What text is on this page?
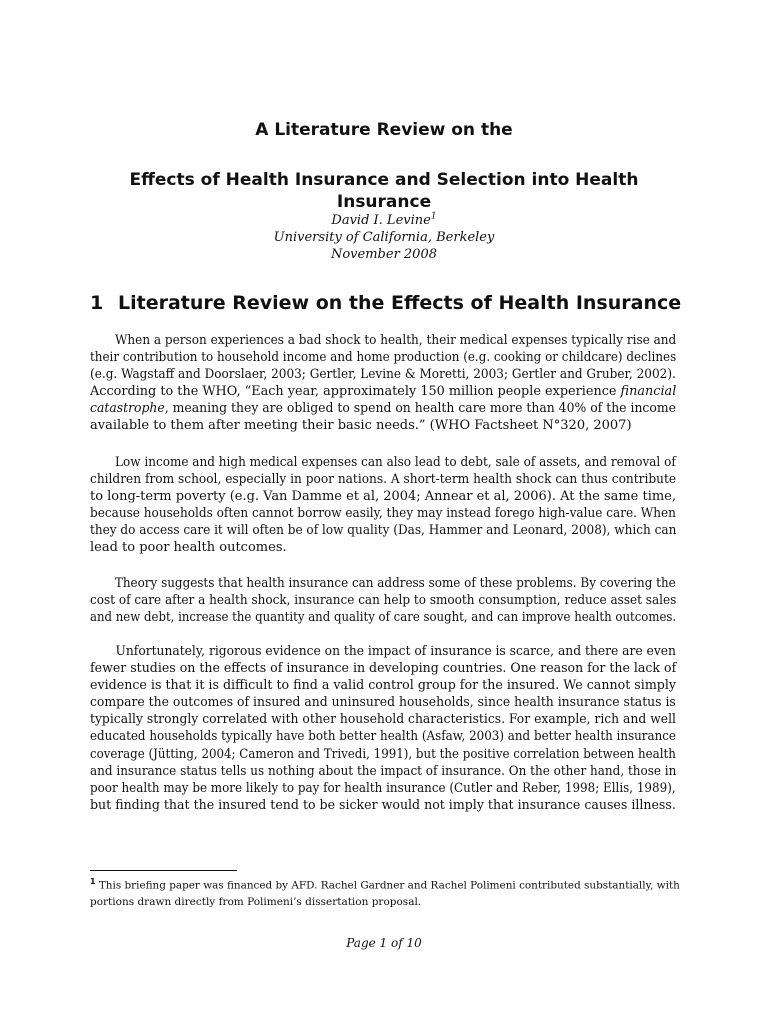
A Literature Review on the
Effects of Health Insurance and Selection into Health
Insurance
David I. Levine$^1$
University of California, Berkeley
November 2008
1 Literature Review on the Effects of Health Insurance
When a person experiences a bad shock to health, their medical expenses typically rise and
their contribution to household income and home production (e.g. cooking or childcare) declines
(e.g. Wagstaff and Doorslaer, 2003; Gertler, Levine & Moretti, 2003; Gertler and Gruber, 2002).
According to the WHO, “Each year, approximately 150 million people experience financial
catastrophe, meaning they are obliged to spend on health care more than 40% of the income
available to them after meeting their basic needs.” (WHO Factsheet N°320, 2007)
Low income and high medical expenses can also lead to debt, sale of assets, and removal of
children from school, especially in poor nations. A short-term health shock can thus contribute
to long-term poverty (e.g. Van Damme et al, 2004; Annear et al, 2006). At the same time,
because households often cannot borrow easily, they may instead forego high-value care. When
they do access care it will often be of low quality (Das, Hammer and Leonard, 2008), which can
lead to poor health outcomes.
Theory suggests that health insurance can address some of these problems. By covering the
cost of care after a health shock, insurance can help to smooth consumption, reduce asset sales
and new debt, increase the quantity and quality of care sought, and can improve health outcomes.
Unfortunately, rigorous evidence on the impact of insurance is scarce, and there are even
fewer studies on the effects of insurance in developing countries. One reason for the lack of
evidence is that it is difficult to find a valid control group for the insured. We cannot simply
compare the outcomes of insured and uninsured households, since health insurance status is
typically strongly correlated with other household characteristics. For example, rich and well
educated households typically have both better health (Asfaw, 2003) and better health insurance
coverage (Jütting, 2004; Cameron and Trivedi, 1991), but the positive correlation between health
and insurance status tells us nothing about the impact of insurance. On the other hand, those in
poor health may be more likely to pay for health insurance (Cutler and Reber, 1998; Ellis, 1989),
but finding that the insured tend to be sicker would not imply that insurance causes illness.
$^1$ This briefing paper was financed by AFD. Rachel Gardner and Rachel Polimeni contributed substantially, with
portions drawn directly from Polimeni’s dissertation proposal.
Page 1 of 10
